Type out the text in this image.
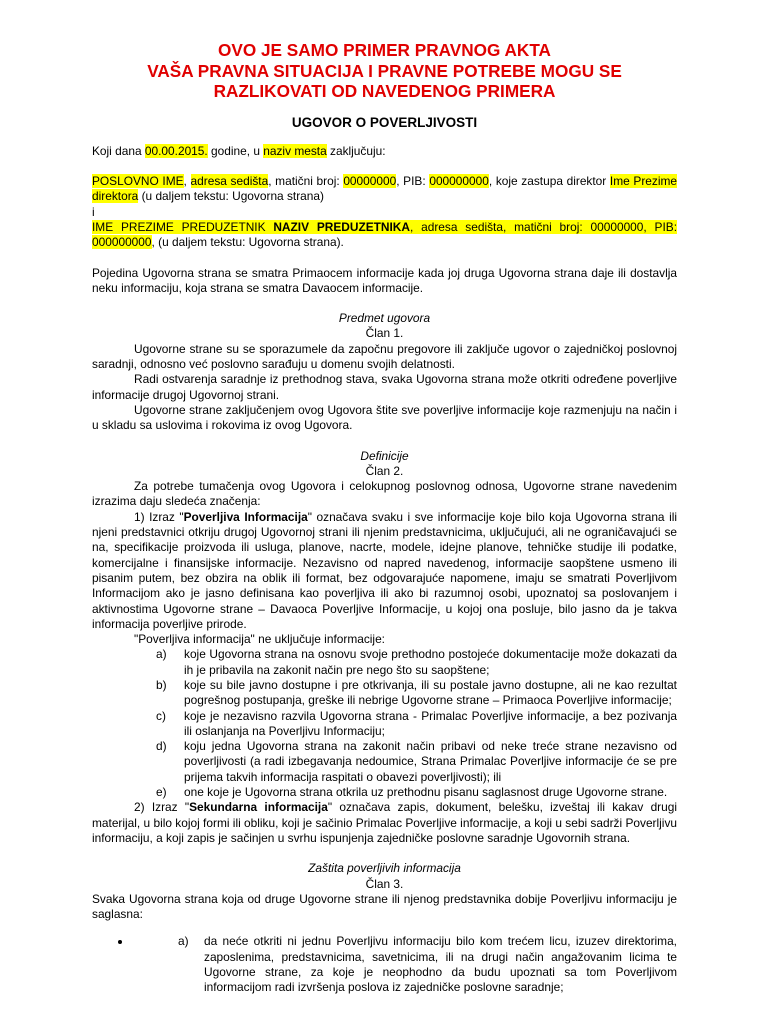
OVO JE SAMO PRIMER PRAVNOG AKTA
VAŠA PRAVNA SITUACIJA I PRAVNE POTREBE MOGU SE
RAZLIKOVATI OD NAVEDENOG PRIMERA
UGOVOR O POVERLJIVOSTI

Koji dana 00.00.2015. godine, u naziv mesta zaključuju:

POSLOVNO IME, adresa sedišta, matični broj: 00000000, PIB: 000000000, koje zastupa direktor Ime Prezime direktora (u daljem tekstu: Ugovorna strana)

i

IME PREZIME PREDUZETNIK NAZIV PREDUZETNIKA, adresa sedišta, matični broj: 00000000, PIB: 000000000, (u daljem tekstu: Ugovorna strana).

Pojedina Ugovorna strana se smatra Primaocem informacije kada joj druga Ugovorna strana daje ili dostavlja neku informaciju, koja strana se smatra Davaocem informacije.

Predmet ugovora

Član 1.

Ugovorne strane su se sporazumele da započnu pregovore ili zaključe ugovor o zajedničkoj poslovnoj saradnji, odnosno već poslovno sarađuju u domenu svojih delatnosti.

Radi ostvarenja saradnje iz prethodnog stava, svaka Ugovorna strana može otkriti određene poverljive informacije drugoj Ugovornoj strani.

Ugovorne strane zaključenjem ovog Ugovora štite sve poverljive informacije koje razmenjuju na način i u skladu sa uslovima i rokovima iz ovog Ugovora.

Definicije

Član 2.

Za potrebe tumačenja ovog Ugovora i celokupnog poslovnog odnosa, Ugovorne strane navedenim izrazima daju sledeća značenja:

1) Izraz "Poverljiva Informacija" označava svaku i sve informacije koje bilo koja Ugovorna strana ili njeni predstavnici otkriju drugoj Ugovornoj strani ili njenim predstavnicima, uključujući, ali ne ograničavajući se na, specifikacije proizvoda ili usluga, planove, nacrte, modele, idejne planove, tehničke studije ili podatke, komercijalne i finansijske informacije. Nezavisno od napred navedenog, informacije saopštene usmeno ili pisanim putem, bez obzira na oblik ili format, bez odgovarajuće napomene, imaju se smatrati Poverljivom Informacijom ako je jasno definisana kao poverljiva ili ako bi razumnoj osobi, upoznatoj sa poslovanjem i aktivnostima Ugovorne strane – Davaoca Poverljive Informacije, u kojoj ona posluje, bilo jasno da je takva informacija poverljive prirode.

"Poverljiva informacija" ne uključuje informacije:

a) koje Ugovorna strana na osnovu svoje prethodno postojeće dokumentacije može dokazati da ih je pribavila na zakonit način pre nego što su saopštene;
b) koje su bile javno dostupne i pre otkrivanja, ili su postale javno dostupne, ali ne kao rezultat pogrešnog postupanja, greške ili nebrige Ugovorne strane – Primaoca Poverljive informacije;
c) koje je nezavisno razvila Ugovorna strana - Primalac Poverljive informacije, a bez pozivanja ili oslanjanja na Poverljivu Informaciju;
d) koju jedna Ugovorna strana na zakonit način pribavi od neke treće strane nezavisno od poverljivosti (a radi izbegavanja nedoumice, Strana Primalac Poverljive informacije će se pre prijema takvih informacija raspitati o obavezi poverljivosti); ili
e) one koje je Ugovorna strana otkrila uz prethodnu pisanu saglasnost druge Ugovorne strane.

2) Izraz "Sekundarna informacija" označava zapis, dokument, belešku, izveštaj ili kakav drugi materijal, u bilo kojoj formi ili obliku, koji je sačinio Primalac Poverljive informacije, a koji u sebi sadrži Poverljivu informaciju, a koji zapis je sačinjen u svrhu ispunjenja zajedničke poslovne saradnje Ugovornih strana.

Zaštita poverljivih informacija

Član 3.

Svaka Ugovorna strana koja od druge Ugovorne strane ili njenog predstavnika dobije Poverljivu informaciju je saglasna:

• a) da neće otkriti ni jednu Poverljivu informaciju bilo kom trećem licu, izuzev direktorima, zaposlenima, predstavnicima, savetnicima, ili na drugi način angažovanim licima te Ugovorne strane, za koje je neophodno da budu upoznati sa tom Poverljivom informacijom radi izvršenja poslova iz zajedničke poslovne saradnje;
